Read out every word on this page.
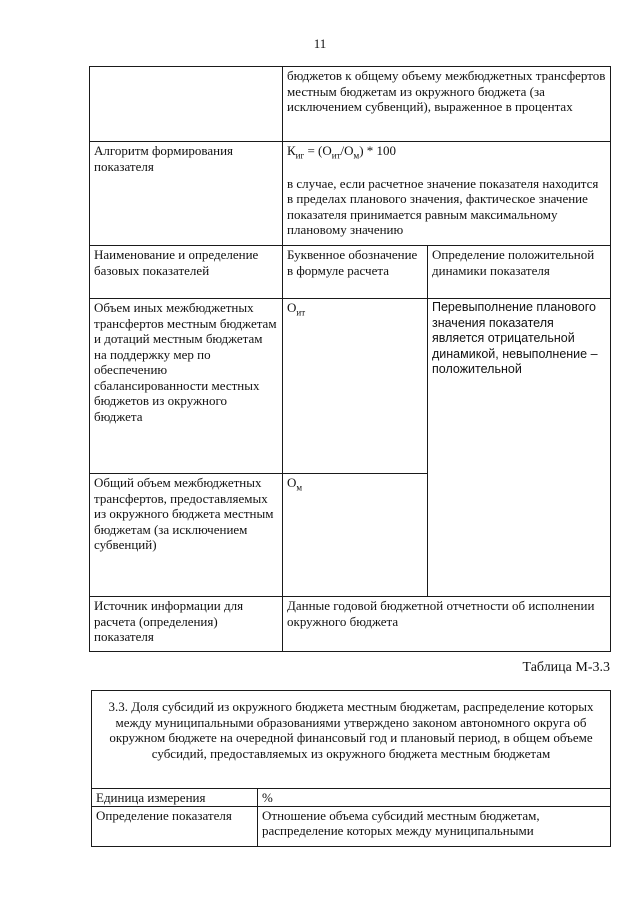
11
	бюджетов к общему объему межбюджетных трансфертов местным бюджетам из окружного бюджета (за исключением субвенций), выраженное в процентах	
Алгоритм формирования показателя	$К_{иг} = (О_{ит}/О_м) * 100$

в случае, если расчетное значение показателя находится в пределах планового значения, фактическое значение показателя принимается равным максимальному плановому значению	

Наименование и определение базовых показателей	Буквенное обозначение в формуле расчета	Определение положительной динамики показателя
Объем иных межбюджетных трансфертов местным бюджетам и дотаций местным бюджетам на поддержку мер по обеспечению сбалансированности местных бюджетов из окружного бюджета	$О_{ит}$	Перевыполнение планового значения показателя является отрицательной динамикой, невыполнение – положительной
Общий объем межбюджетных трансфертов, предоставляемых из окружного бюджета местным бюджетам (за исключением субвенций)	$О_м$
Источник информации для расчета (определения) показателя	Данные годовой бюджетной отчетности об исполнении окружного бюджета	
Таблица М-3.3
3.3. Доля субсидий из окружного бюджета местным бюджетам, распределение которых между муниципальными образованиями утверждено законом автономного округа об окружном бюджете на очередной финансовый год и плановый период, в общем объеме субсидий, предоставляемых из окружного бюджета местным бюджетам	
Единица измерения	%
Определение показателя	Отношение объема субсидий местным бюджетам, распределение которых между муниципальными
